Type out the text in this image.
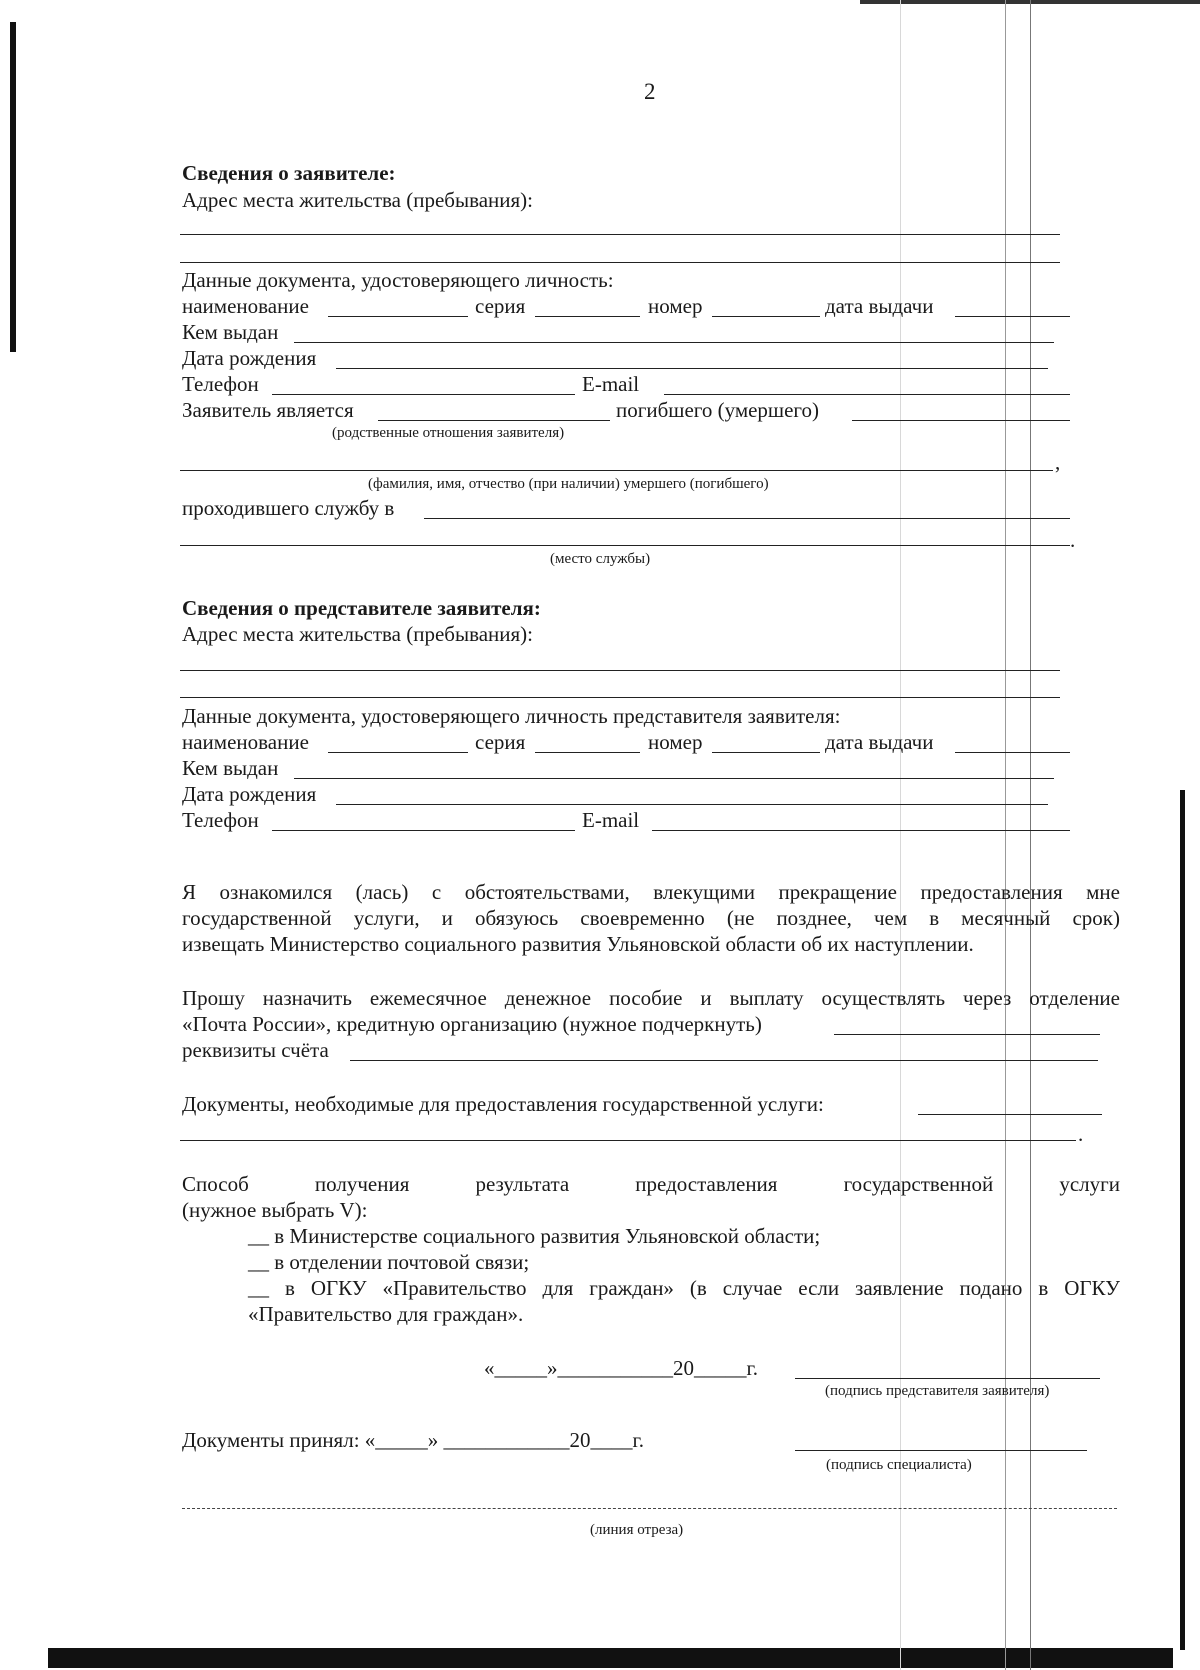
2
Сведения о заявителе:
Адрес места жительства (пребывания):
Данные документа, удостоверяющего личность:
наименование	серия	номер	дата выдачи
Кем выдан
Дата рождения
Телефон	E-mail
Заявитель является	погибшего (умершего)
(родственные отношения заявителя)
,
(фамилия, имя, отчество (при наличии) умершего (погибшего)
проходившего службу в
.
(место службы)
Сведения о представителе заявителя:
Адрес места жительства (пребывания):
Данные документа, удостоверяющего личность представителя заявителя:
наименование	серия	номер	дата выдачи
Кем выдан
Дата рождения
Телефон	E-mail
Я ознакомился (лась) с обстоятельствами, влекущими прекращение предоставления мне
государственной услуги, и обязуюсь своевременно (не позднее, чем в месячный срок)
извещать Министерство социального развития Ульяновской области об их наступлении.
Прошу назначить ежемесячное денежное пособие и выплату осуществлять через отделение
«Почта России», кредитную организацию (нужное подчеркнуть)
реквизиты счёта
Документы, необходимые для предоставления государственной услуги:
.
Способ получения результата предоставления государственной услуги
(нужное выбрать V):
__ в Министерстве социального развития Ульяновской области;
__ в отделении почтовой связи;
__ в ОГКУ «Правительство для граждан» (в случае если заявление подано в ОГКУ
«Правительство для граждан».
«_____»___________20_____г.
(подпись представителя заявителя)
Документы принял: «_____» ____________20____г.
(подпись специалиста)
(линия отреза)
